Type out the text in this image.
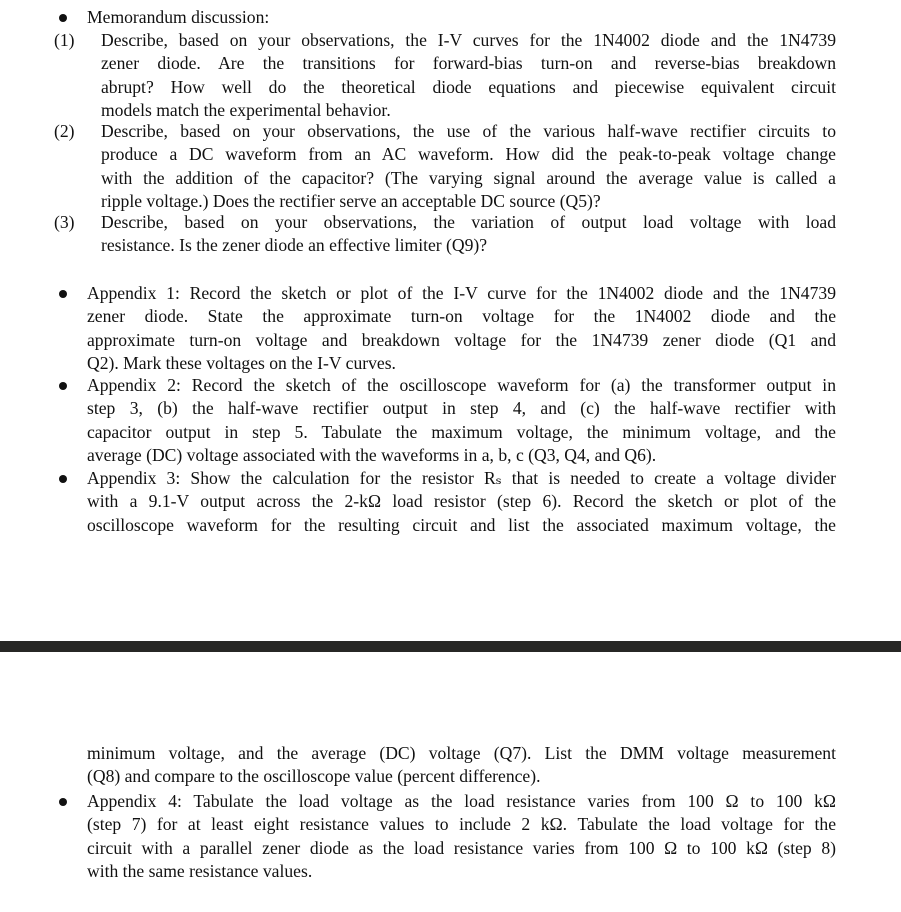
Memorandum discussion:
(1) Describe, based on your observations, the I-V curves for the 1N4002 diode and the 1N4739
zener diode. Are the transitions for forward-bias turn-on and reverse-bias breakdown
abrupt? How well do the theoretical diode equations and piecewise equivalent circuit
models match the experimental behavior.
(2) Describe, based on your observations, the use of the various half-wave rectifier circuits to
produce a DC waveform from an AC waveform. How did the peak-to-peak voltage change
with the addition of the capacitor? (The varying signal around the average value is called a
ripple voltage.) Does the rectifier serve an acceptable DC source (Q5)?
(3) Describe, based on your observations, the variation of output load voltage with load
resistance. Is the zener diode an effective limiter (Q9)?
Appendix 1: Record the sketch or plot of the I-V curve for the 1N4002 diode and the 1N4739
zener diode. State the approximate turn-on voltage for the 1N4002 diode and the
approximate turn-on voltage and breakdown voltage for the 1N4739 zener diode (Q1 and
Q2). Mark these voltages on the I-V curves.
Appendix 2: Record the sketch of the oscilloscope waveform for (a) the transformer output in
step 3, (b) the half-wave rectifier output in step 4, and (c) the half-wave rectifier with
capacitor output in step 5. Tabulate the maximum voltage, the minimum voltage, and the
average (DC) voltage associated with the waveforms in a, b, c (Q3, Q4, and Q6).
Appendix 3: Show the calculation for the resistor Rₛ that is needed to create a voltage divider
with a 9.1-V output across the 2-kΩ load resistor (step 6). Record the sketch or plot of the
oscilloscope waveform for the resulting circuit and list the associated maximum voltage, the
minimum voltage, and the average (DC) voltage (Q7). List the DMM voltage measurement
(Q8) and compare to the oscilloscope value (percent difference).
Appendix 4: Tabulate the load voltage as the load resistance varies from 100 Ω to 100 kΩ
(step 7) for at least eight resistance values to include 2 kΩ. Tabulate the load voltage for the
circuit with a parallel zener diode as the load resistance varies from 100 Ω to 100 kΩ (step 8)
with the same resistance values.
